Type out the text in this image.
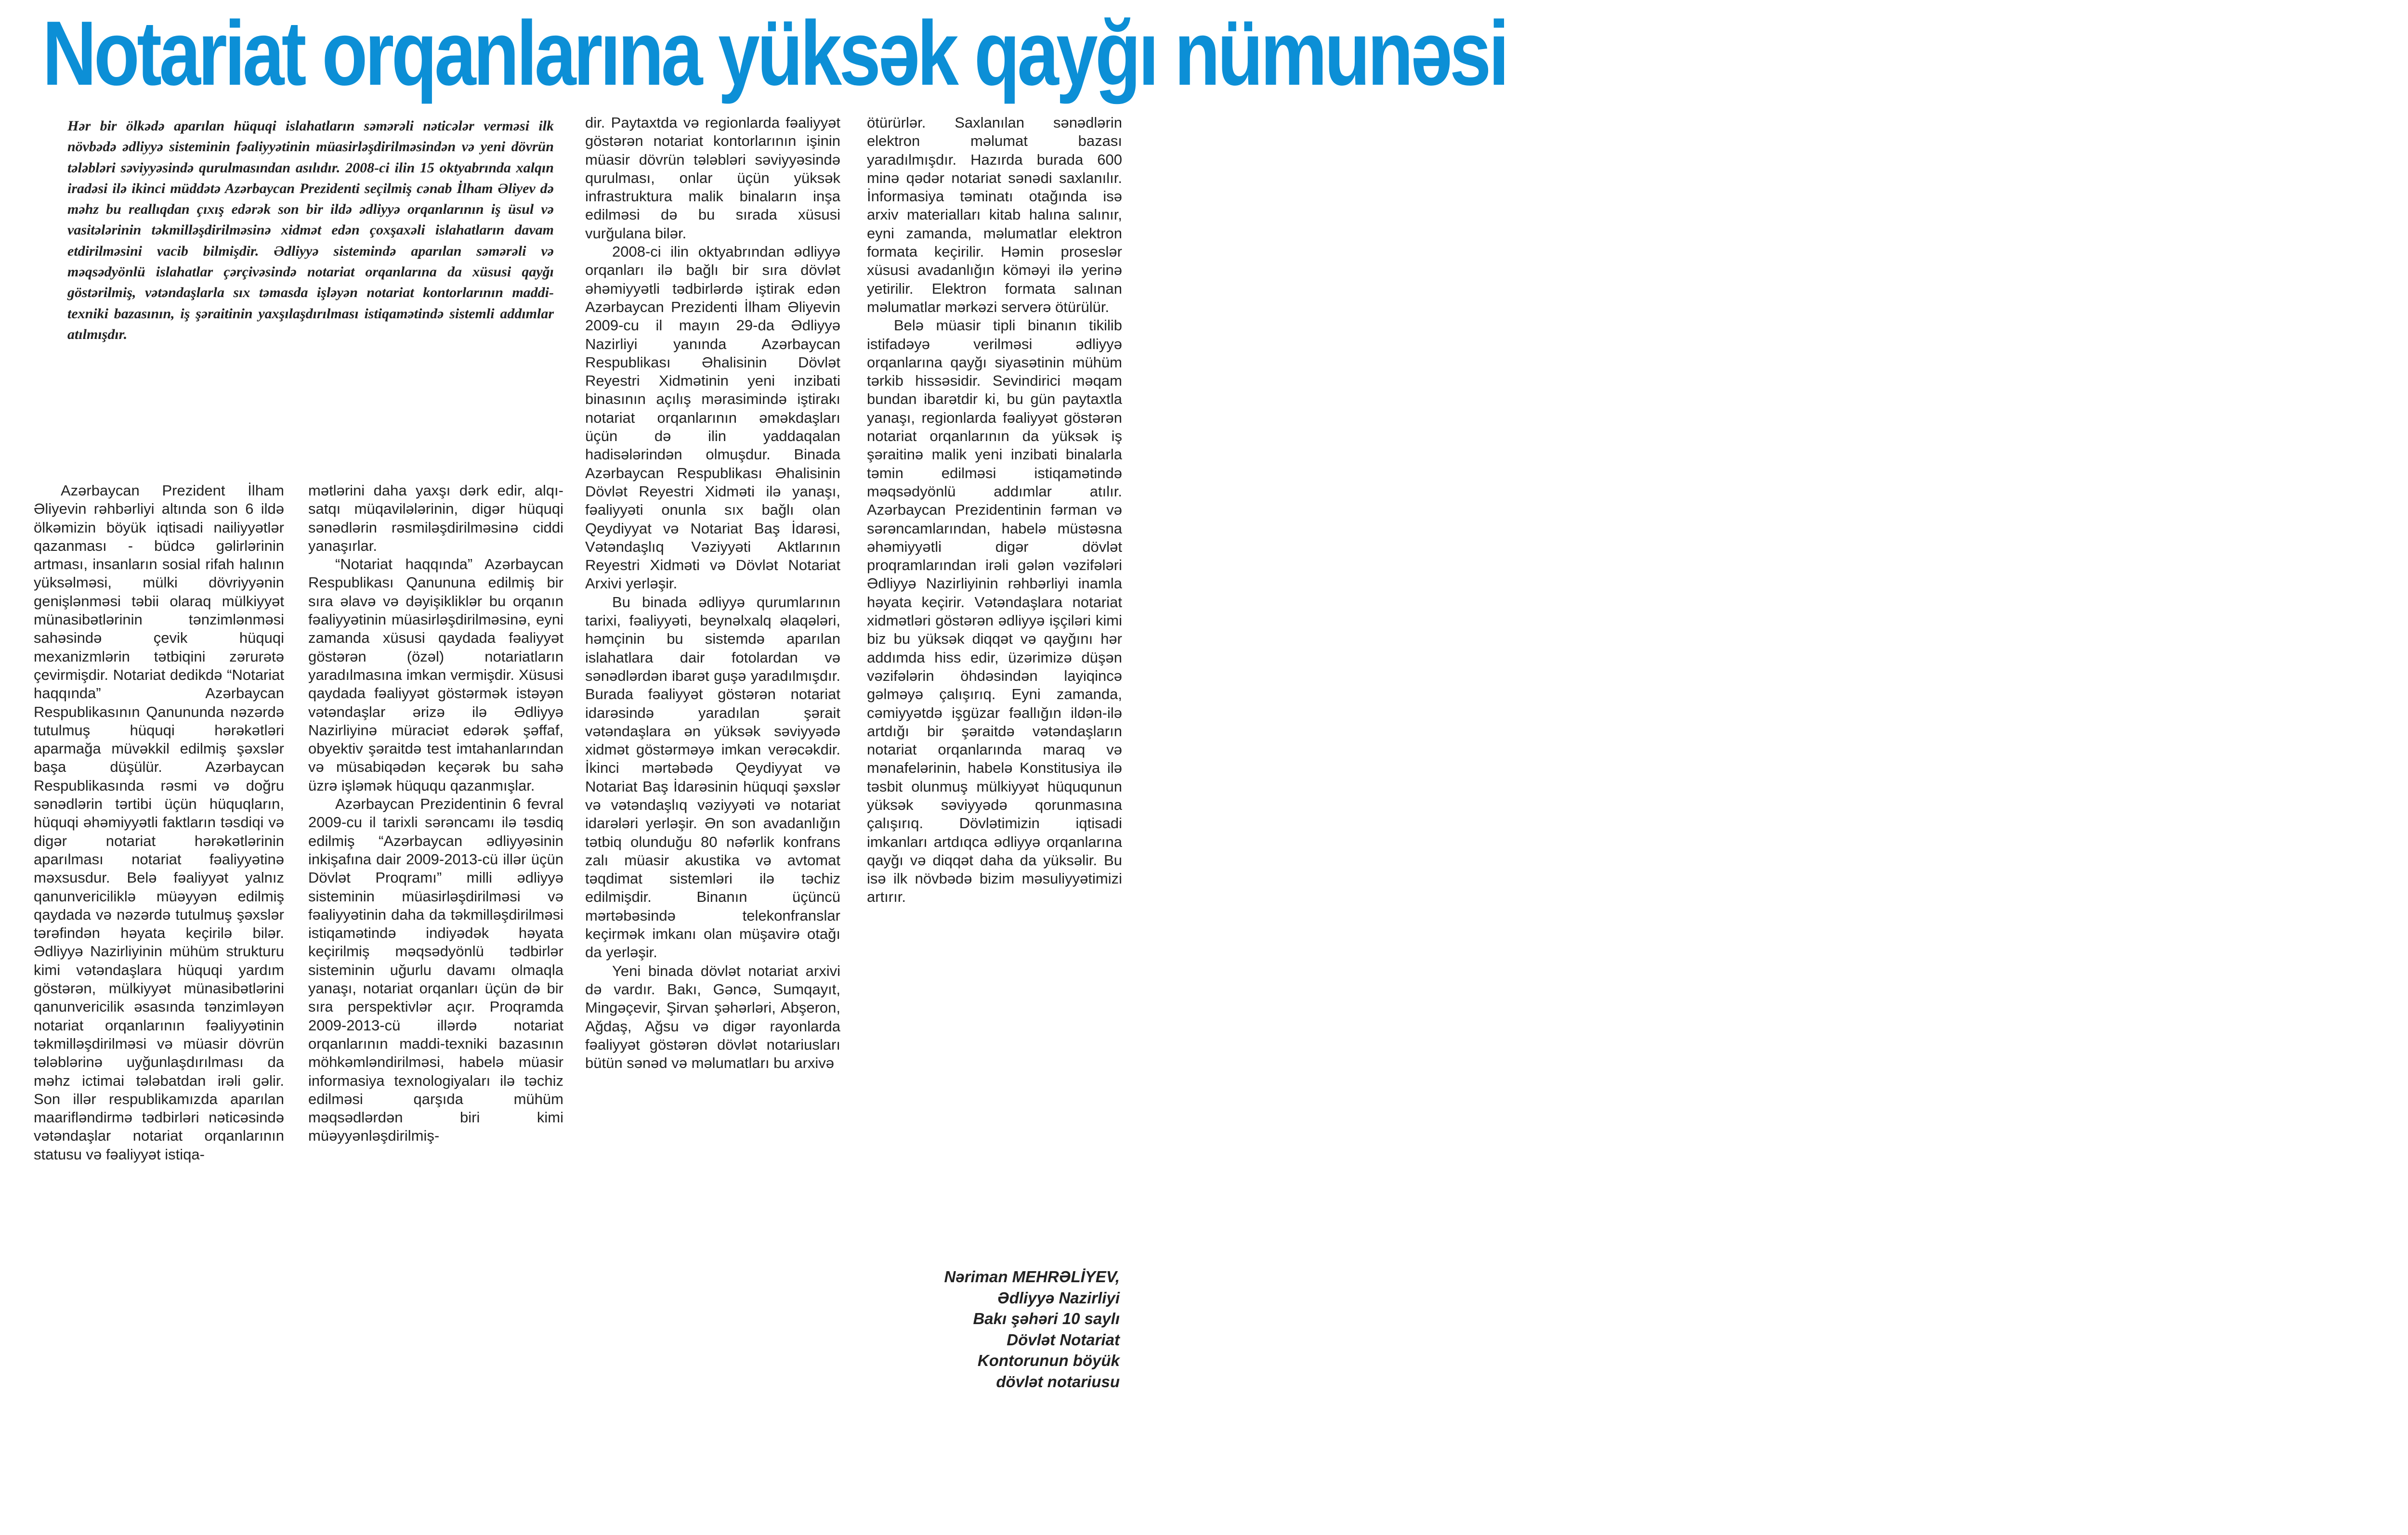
Notariat orqanlarına yüksək qayğı nümunəsi

Hər bir ölkədə aparılan hüquqi islahatların səmərəli nəticələr verməsi ilk növbədə ədliyyə sisteminin fəaliyyətinin müasirləşdirilməsindən və yeni dövrün tələbləri səviyyəsində qurulmasından asılıdır. 2008-ci ilin 15 oktyabrında xalqın iradəsi ilə ikinci müddətə Azərbaycan Prezidenti seçilmiş cənab İlham Əliyev də məhz bu reallıqdan çıxış edərək son bir ildə ədliyyə orqanlarının iş üsul və vasitələrinin təkmilləşdirilməsinə xidmət edən çoxşaxəli islahatların davam etdirilməsini vacib bilmişdir. Ədliyyə sistemində aparılan səmərəli və məqsədyönlü islahatlar çərçivəsində notariat orqanlarına da xüsusi qayğı göstərilmiş, vətəndaşlarla sıx təmasda işləyən notariat kontorlarının maddi-texniki bazasının, iş şəraitinin yaxşılaşdırılması istiqamətində sistemli addımlar atılmışdır.

Azərbaycan Prezident İlham Əliyevin rəhbərliyi altında son 6 ildə ölkəmizin böyük iqtisadi nailiyyətlər qazanması - büdcə gəlirlərinin artması, insanların sosial rifah halının yüksəlməsi, mülki dövriyyənin genişlənməsi təbii olaraq mülkiyyət münasibətlərinin tənzimlənməsi sahəsində çevik hüquqi mexanizmlərin tətbiqini zərurətə çevirmişdir. Notariat dedikdə “Notariat haqqında” Azərbaycan Respublikasının Qanununda nəzərdə tutulmuş hüquqi hərəkətləri aparmağa müvəkkil edilmiş şəxslər başa düşülür. Azərbaycan Respublikasında rəsmi və doğru sənədlərin tərtibi üçün hüquqların, hüquqi əhəmiyyətli faktların təsdiqi və digər notariat hərəkətlərinin aparılması notariat fəaliyyətinə məxsusdur. Belə fəaliyyət yalnız qanunvericiliklə müəyyən edilmiş qaydada və nəzərdə tutulmuş şəxslər tərəfindən həyata keçirilə bilər. Ədliyyə Nazirliyinin mühüm strukturu kimi vətəndaşlara hüquqi yardım göstərən, mülkiyyət münasibətlərini qanunvericilik əsasında tənzimləyən notariat orqanlarının fəaliyyətinin təkmilləşdirilməsi və müasir dövrün tələblərinə uyğunlaşdırılması da məhz ictimai tələbatdan irəli gəlir. Son illər respublikamızda aparılan maarifləndirmə tədbirləri nəticəsində vətəndaşlar notariat orqanlarının statusu və fəaliyyət istiqa-

mətlərini daha yaxşı dərk edir, alqı-satqı müqavilələrinin, digər hüquqi sənədlərin rəsmiləşdirilməsinə ciddi yanaşırlar.

“Notariat haqqında” Azərbaycan Respublikası Qanununa edilmiş bir sıra əlavə və dəyişikliklər bu orqanın fəaliyyətinin müasirləşdirilməsinə, eyni zamanda xüsusi qaydada fəaliyyət göstərən (özəl) notariatların yaradılmasına imkan vermişdir. Xüsusi qaydada fəaliyyət göstərmək istəyən vətəndaşlar ərizə ilə Ədliyyə Nazirliyinə müraciət edərək şəffaf, obyektiv şəraitdə test imtahanlarından və müsabiqədən keçərək bu sahə üzrə işləmək hüququ qazanmışlar.

Azərbaycan Prezidentinin 6 fevral 2009-cu il tarixli sərəncamı ilə təsdiq edilmiş “Azərbaycan ədliyyəsinin inkişafına dair 2009-2013-cü illər üçün Dövlət Proqramı” milli ədliyyə sisteminin müasirləşdirilməsi və fəaliyyətinin daha da təkmilləşdirilməsi istiqamətində indiyədək həyata keçirilmiş məqsədyönlü tədbirlər sisteminin uğurlu davamı olmaqla yanaşı, notariat orqanları üçün də bir sıra perspektivlər açır. Proqramda 2009-2013-cü illərdə notariat orqanlarının maddi-texniki bazasının möhkəmləndirilməsi, habelə müasir informasiya texnologiyaları ilə təchiz edilməsi qarşıda mühüm məqsədlərdən biri kimi müəyyənləşdirilmiş-

dir. Paytaxtda və regionlarda fəaliyyət göstərən notariat kontorlarının işinin müasir dövrün tələbləri səviyyəsində qurulması, onlar üçün yüksək infrastruktura malik binaların inşa edilməsi də bu sırada xüsusi vurğulana bilər.

2008-ci ilin oktyabrından ədliyyə orqanları ilə bağlı bir sıra dövlət əhəmiyyətli tədbirlərdə iştirak edən Azərbaycan Prezidenti İlham Əliyevin 2009-cu il mayın 29-da Ədliyyə Nazirliyi yanında Azərbaycan Respublikası Əhalisinin Dövlət Reyestri Xidmətinin yeni inzibati binasının açılış mərasimində iştirakı notariat orqanlarının əməkdaşları üçün də ilin yaddaqalan hadisələrindən olmuşdur. Binada Azərbaycan Respublikası Əhalisinin Dövlət Reyestri Xidməti ilə yanaşı, fəaliyyəti onunla sıx bağlı olan Qeydiyyat və Notariat Baş İdarəsi, Vətəndaşlıq Vəziyyəti Aktlarının Reyestri Xidməti və Dövlət Notariat Arxivi yerləşir.

Bu binada ədliyyə qurumlarının tarixi, fəaliyyəti, beynəlxalq əlaqələri, həmçinin bu sistemdə aparılan islahatlara dair fotolardan və sənədlərdən ibarət guşə yaradılmışdır. Burada fəaliyyət göstərən notariat idarəsində yaradılan şərait vətəndaşlara ən yüksək səviyyədə xidmət göstərməyə imkan verəcəkdir. İkinci mərtəbədə Qeydiyyat və Notariat Baş İdarəsinin hüquqi şəxslər və vətəndaşlıq vəziyyəti və notariat idarələri yerləşir. Ən son avadanlığın tətbiq olunduğu 80 nəfərlik konfrans zalı müasir akustika və avtomat təqdimat sistemləri ilə təchiz edilmişdir. Binanın üçüncü mərtəbəsində telekonfranslar keçirmək imkanı olan müşavirə otağı da yerləşir.

Yeni binada dövlət notariat arxivi də vardır. Bakı, Gəncə, Sumqayıt, Mingəçevir, Şirvan şəhərləri, Abşeron, Ağdaş, Ağsu və digər rayonlarda fəaliyyət göstərən dövlət notariusları bütün sənəd və məlumatları bu arxivə

ötürürlər. Saxlanılan sənədlərin elektron məlumat bazası yaradılmışdır. Hazırda burada 600 minə qədər notariat sənədi saxlanılır. İnformasiya təminatı otağında isə arxiv materialları kitab halına salınır, eyni zamanda, məlumatlar elektron formata keçirilir. Həmin proseslər xüsusi avadanlığın köməyi ilə yerinə yetirilir. Elektron formata salınan məlumatlar mərkəzi serverə ötürülür.

Belə müasir tipli binanın tikilib istifadəyə verilməsi ədliyyə orqanlarına qayğı siyasətinin mühüm tərkib hissəsidir. Sevindirici məqam bundan ibarətdir ki, bu gün paytaxtla yanaşı, regionlarda fəaliyyət göstərən notariat orqanlarının da yüksək iş şəraitinə malik yeni inzibati binalarla təmin edilməsi istiqamətində məqsədyönlü addımlar atılır. Azərbaycan Prezidentinin fərman və sərəncamlarından, habelə müstəsna əhəmiyyətli digər dövlət proqramlarından irəli gələn vəzifələri Ədliyyə Nazirliyinin rəhbərliyi inamla həyata keçirir. Vətəndaşlara notariat xidmətləri göstərən ədliyyə işçiləri kimi biz bu yüksək diqqət və qayğını hər addımda hiss edir, üzərimizə düşən vəzifələrin öhdəsindən layiqincə gəlməyə çalışırıq. Eyni zamanda, cəmiyyətdə işgüzar fəallığın ildən-ilə artdığı bir şəraitdə vətəndaşların notariat orqanlarında maraq və mənafelərinin, habelə Konstitusiya ilə təsbit olunmuş mülkiyyət hüququnun yüksək səviyyədə qorunmasına çalışırıq. Dövlətimizin iqtisadi imkanları artdıqca ədliyyə orqanlarına qayğı və diqqət daha da yüksəlir. Bu isə ilk növbədə bizim məsuliyyətimizi artırır.

Nəriman MEHRƏLİYEV,
Ədliyyə Nazirliyi
Bakı şəhəri 10 saylı
Dövlət Notariat
Kontorunun böyük
dövlət notariusu
